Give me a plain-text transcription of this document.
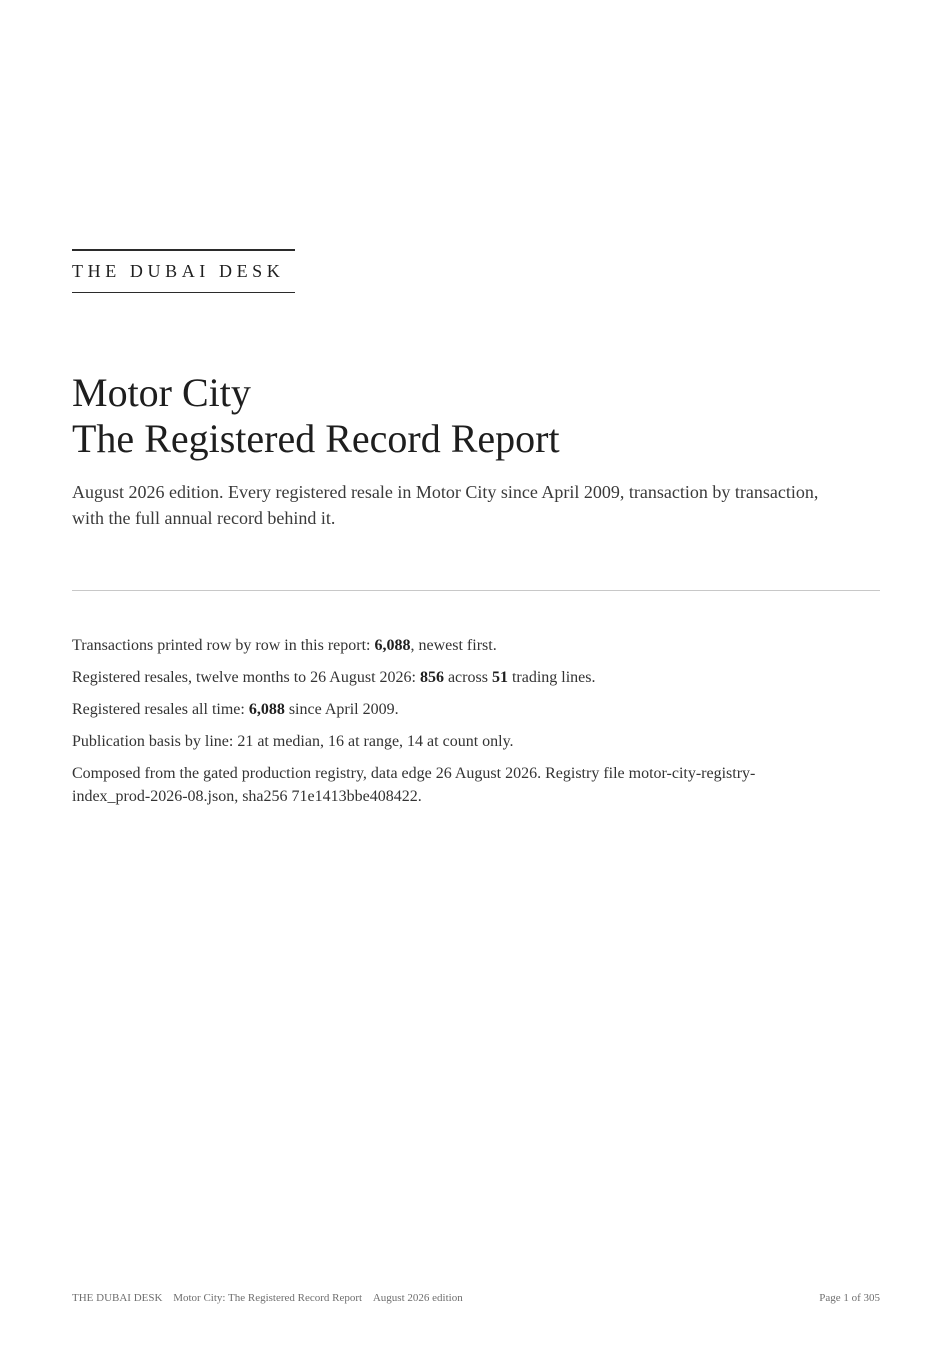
THE DUBAI DESK
Motor City
The Registered Record Report

August 2026 edition. Every registered resale in Motor City since April 2009, transaction by transaction, with the full annual record behind it.

Transactions printed row by row in this report: 6,088, newest first.

Registered resales, twelve months to 26 August 2026: 856 across 51 trading lines.

Registered resales all time: 6,088 since April 2009.

Publication basis by line: 21 at median, 16 at range, 14 at count only.

Composed from the gated production registry, data edge 26 August 2026. Registry file motor-city-registry-index_prod-2026-08.json, sha256 71e1413bbe408422.

THE DUBAI DESK Motor City: The Registered Record Report August 2026 edition	Page 1 of 305
